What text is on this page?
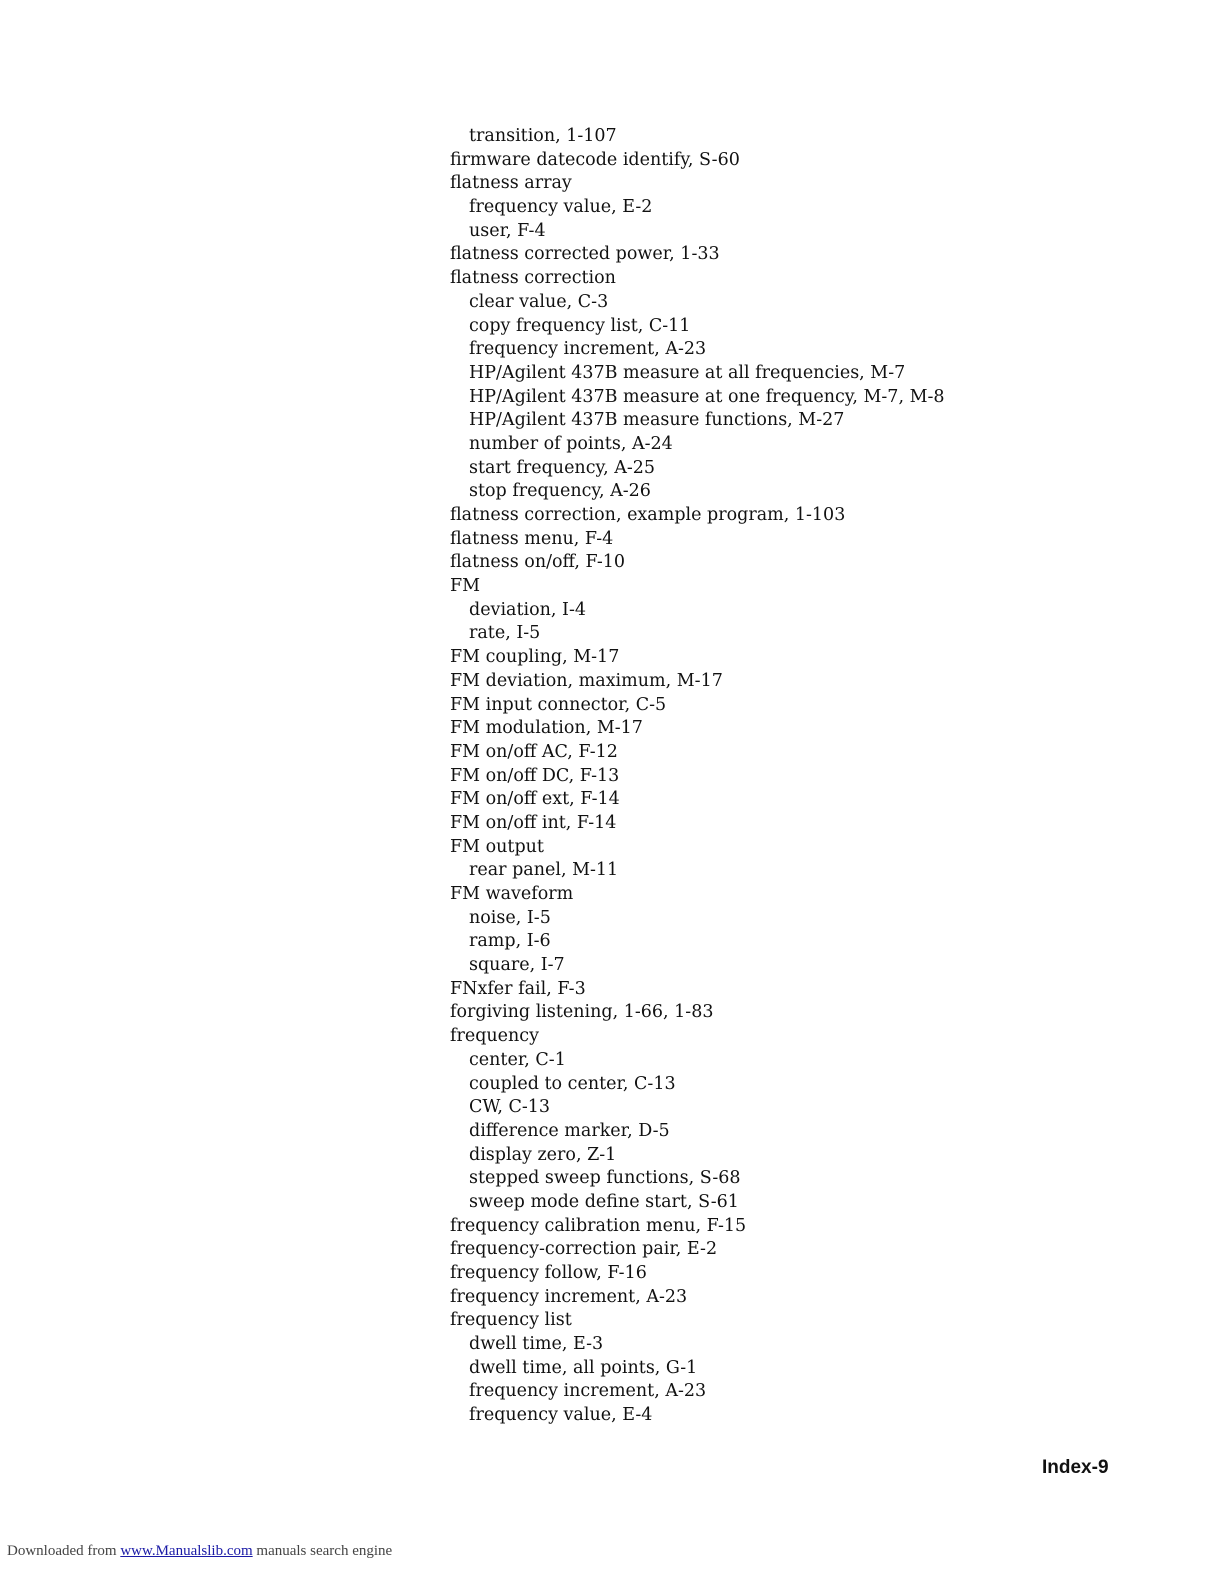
transition, 1-107
firmware datecode identify, S-60
flatness array
frequency value, E-2
user, F-4
flatness corrected power, 1-33
flatness correction
clear value, C-3
copy frequency list, C-11
frequency increment, A-23
HP/Agilent 437B measure at all frequencies, M-7
HP/Agilent 437B measure at one frequency, M-7, M-8
HP/Agilent 437B measure functions, M-27
number of points, A-24
start frequency, A-25
stop frequency, A-26
flatness correction, example program, 1-103
flatness menu, F-4
flatness on/off, F-10
FM
deviation, I-4
rate, I-5
FM coupling, M-17
FM deviation, maximum, M-17
FM input connector, C-5
FM modulation, M-17
FM on/off AC, F-12
FM on/off DC, F-13
FM on/off ext, F-14
FM on/off int, F-14
FM output
rear panel, M-11
FM waveform
noise, I-5
ramp, I-6
square, I-7
FNxfer fail, F-3
forgiving listening, 1-66, 1-83
frequency
center, C-1
coupled to center, C-13
CW, C-13
difference marker, D-5
display zero, Z-1
stepped sweep functions, S-68
sweep mode define start, S-61
frequency calibration menu, F-15
frequency-correction pair, E-2
frequency follow, F-16
frequency increment, A-23
frequency list
dwell time, E-3
dwell time, all points, G-1
frequency increment, A-23
frequency value, E-4
Index-9
Downloaded from www.Manualslib.com manuals search engine
